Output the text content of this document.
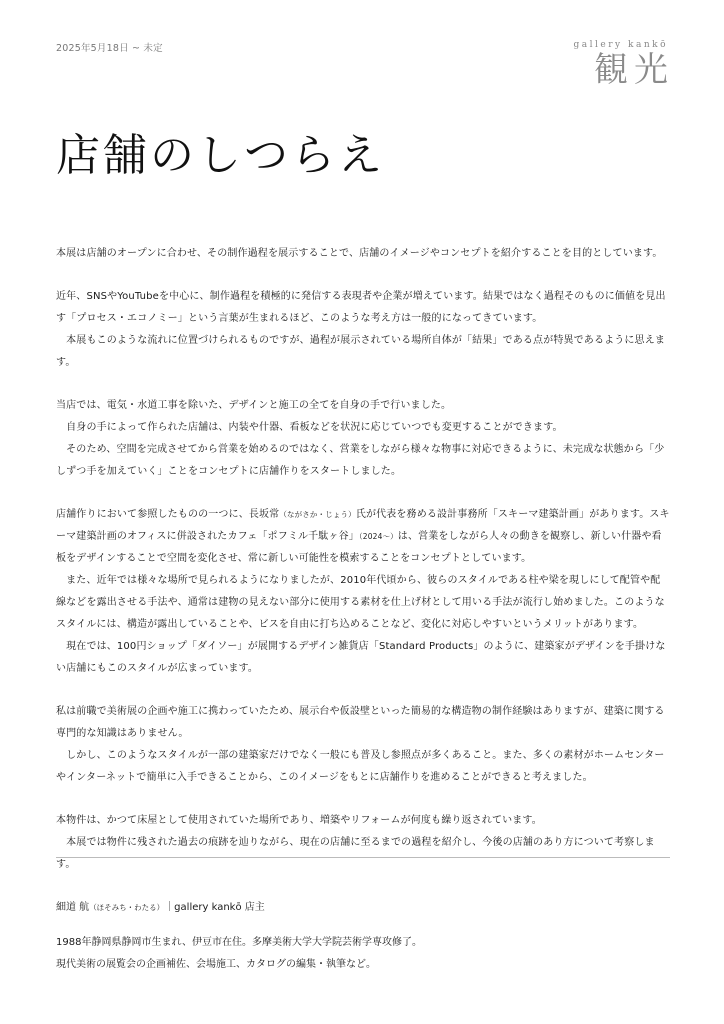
2025年5月18日 ~ 未定	gallery kankō
観光
店舗のしつらえ

本展は店舗のオープンに合わせ、その制作過程を展示することで、店舗のイメージやコンセプトを紹介することを目的としています。

近年、SNSやYouTubeを中心に、制作過程を積極的に発信する表現者や企業が増えています。結果ではなく過程そのものに価値を見出す「プロセス・エコノミー」という言葉が生まれるほど、このような考え方は一般的になってきています。
　本展もこのような流れに位置づけられるものですが、過程が展示されている場所自体が「結果」である点が特異であるように思えます。

当店では、電気・水道工事を除いた、デザインと施工の全てを自身の手で行いました。
　自身の手によって作られた店舗は、内装や什器、看板などを状況に応じていつでも変更することができます。
　そのため、空間を完成させてから営業を始めるのではなく、営業をしながら様々な物事に対応できるように、未完成な状態から「少しずつ手を加えていく」ことをコンセプトに店舗作りをスタートしました。

店舗作りにおいて参照したものの一つに、長坂常（ながさか・じょう）氏が代表を務める設計事務所「スキーマ建築計画」があります。スキーマ建築計画のオフィスに併設されたカフェ「ポフミル千駄ヶ谷」（2024〜）は、営業をしながら人々の動きを観察し、新しい什器や看板をデザインすることで空間を変化させ、常に新しい可能性を模索することをコンセプトとしています。
　また、近年では様々な場所で見られるようになりましたが、2010年代頃から、彼らのスタイルである柱や梁を現しにして配管や配線などを露出させる手法や、通常は建物の見えない部分に使用する素材を仕上げ材として用いる手法が流行し始めました。このようなスタイルには、構造が露出していることや、ビスを自由に打ち込めることなど、変化に対応しやすいというメリットがあります。
　現在では、100円ショップ「ダイソー」が展開するデザイン雑貨店「Standard Products」のように、建築家がデザインを手掛けない店舗にもこのスタイルが広まっています。

私は前職で美術展の企画や施工に携わっていたため、展示台や仮設壁といった簡易的な構造物の制作経験はありますが、建築に関する専門的な知識はありません。
　しかし、このようなスタイルが一部の建築家だけでなく一般にも普及し参照点が多くあること。また、多くの素材がホームセンターやインターネットで簡単に入手できることから、このイメージをもとに店舗作りを進めることができると考えました。

本物件は、かつて床屋として使用されていた場所であり、増築やリフォームが何度も繰り返されています。
　本展では物件に残された過去の痕跡を辿りながら、現在の店舗に至るまでの過程を紹介し、今後の店舗のあり方について考察します。

細道 航（ほそみち・わたる）｜gallery kankō 店主
1988年静岡県静岡市生まれ、伊豆市在住。多摩美術大学大学院芸術学専攻修了。
現代美術の展覧会の企画補佐、会場施工、カタログの編集・執筆など。
